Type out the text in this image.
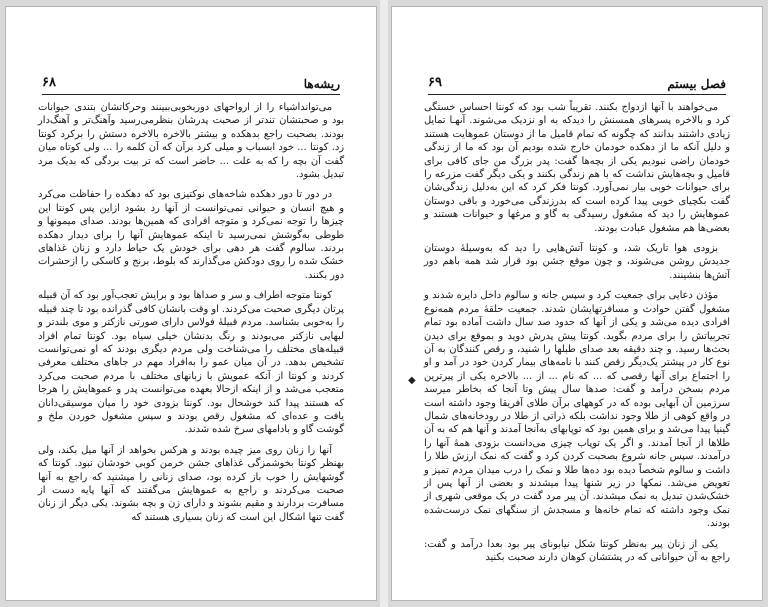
ریشه‌ها
۶۸

می‌توانداشیاء را از ارواحهای دوربخوبی‌ببینند وحرکاتشان بتندی حیوانات بود و صحبتشان تندتر از صحبت پدرشان بنظرمی‌رسید وآهنگ‌تر و آهنگ‌دار بودند. بصحبت راجع بدهکده و بیشتر بالاخره بالاخره دستش را برکرد کونتا زد. کونتا ... خود ابسباب و میلی کرد برآن که آن کلمه را ... ولی کوتاه میان گفت آن بچه را که به علت ... حاضر است که تر بیت بردگی که بدیک مرد تبدیل بشود.

در دور تا دور دهکده شاخه‌های نوکتیزی بود که دهکده را حفاظت می‌کرد و هیچ انسان و حیوانی نمی‌توانست از آنها رد بشود ازاین پس کونتا این چیزها را توجه نمی‌کرد و متوجه افرادی که همین‌ها بودند. صدای میمونها و طوطی به‌گوشش نمی‌رسید تا اینکه عموهایش آنها را برای دیدار دهکده بردند. سالوم گفت هر دهی برای خودش یک حیاط دارد و زنان غذاهای خشک شده را روی دودکش می‌گذارند که بلوط، برنج و کاسکی را از‌حشرات دور بکنند.

کونتا متوجه اطراف و سر و صداها بود و برایش تعجب‌آور بود که آن قبیله پرتان دیگری صحبت می‌کردند. او وقت بانشان کافی گذرانده بود تا چند قبیله را به‌خوبی بشناسد. مردم قبیلهٔ فولاس دارای صورتی نازکتر و موی بلندتر و لبهایی نازکتر می‌بودند و رنگ بدنشان خیلی سیاه بود. کونتا تمام افراد قبیله‌های مختلف را می‌شناخت ولی مردم دیگری بودند که او نمی‌توانست تشخیص بدهد. در آن میان عمو را به‌افراد مهم در جاهای مختلف معرفی کردند و کونتا از آنکه عمویش با زبانهای مختلف با مردم صحبت می‌کرد متعجب می‌شد و از اینکه ازحالا بعهده می‌توانست پدر و عموهایش را هرجا که هستند پیدا کند خوشحال بود. کونتا بزودی خود را میان موسیقی‌دانان یافت و عده‌ای که مشغول رقص بودند و سپس مشغول خوردن ملخ و گوشت گاو و بادامهای سرخ شده شدند.

آنها را زنان روی میز چیده بودند و هرکس بخواهد از آنها میل بکند، ولی بهنظر کونتا بخوشمزگی غذاهای جشن خرمن کوبی خودشان نبود. کونتا که گوشهایش را خوب باز کرده بود، صدای زنانی را میشنید که راجع به آنها صحبت می‌کردند و راجع به عموهایش می‌گفتند که آنها پایه دست از مسافرت بردارند و مقیم بشوند و دارای زن و بچه بشوند. یکی دیگر از زنان گفت تنها اشکال این است که زنان بسیاری هستند که

فصل بیستم
۶۹

می‌خواهند با آنها ازدواج بکنند. تقریباً شب بود که کونتا احساس خستگی کرد و بالاخره پسرهای همسنش را دیدکه به او نزدیک می‌شوند. آنهـا تمایل زیادی داشتند بدانند که چگونه که تمام قامیل ما از دوستان عموهایت هستند و دلیل آنکه ما از دهکده خودمان خارج شده بودیم آن بود که ما از زندگی خودمان راضی نبودیم یکی از بچه‌ها گفت: پدر بزرگ من جای کافی برای قامیل و بچه‌هایش نداشت که با هم زندگی بکنند و یکی دیگر گفت مزرعه را برای حیوانات خوبی بیار نمی‌آورد. کونتا فکر کرد که این به‌دلیل زندگی‌شان گفت بکچیای خوبی پیدا کرده است که بدرزندگی می‌خورد و باقی دوستان عموهایش را دید که مشغول رسیدگی به گاو و مرغها و حیوانات هستند و بعضی‌ها هم مشغول عبادت بودند.

بزودی هوا تاریک شد، و کونتا آتش‌هایی را دید که به‌وسیلهٔ دوستان جدیدش روشن می‌شوند، و چون موقع جشن بود قرار شد همه باهم دور آتش‌ها بنشینند.

مؤذن دعایی برای جمعیت کرد و سپس جانه و سالوم داخل دایره شدند و مشغول گفتن حوادث و مسافرتهایشان شدند. جمعیت حلقهٔ مردم همه‌نوع افرادی دیده می‌شد و یکی از آنها که حدود صد سال داشت آماده بود تمام تجربیاتش را برای مردم بگوید. کونتا پیش پدرش دوید و بموقع برای دیدن بحث‌ها رسید. و چند دقیقه بعد صدای طبلها را شنید، و رقص کنندگان به آن نوع کار در پیشتر یک‌دیگر رقص کنند با نامه‌های بیمار کردن خود در آمد و او را اجتماع برای آنها رقصی که ... که نام ... از ... بالاخره یکی از پیرترین مردم بسخن درآمد و گفت: صدها سال پیش وتا آنجا که بخاطر میرسد سرزمین آن آبهایی بوده که در کوههای برآن طلای آفریقا وجود داشته است در واقع کوهی از طلا وجود نداشت بلکه ذراتی از طلا در رودخانه‌های شمال گینیا پیدا می‌شد و برای همین بود که توپابهای به‌آنجا آمدند و آنها هم که به آن طلاها از آنجا آمدند. و اگر یک توپاب چیزی می‌دانست بزودی همهٔ آنها را درآمدند. سپس جانه شروع بصحبت کردن کرد و گفت که نمک ارزش طلا را داشت و سالوم شخصاً دیده بود ده‌ها طلا و نمک را درب میدان مردم تمیز و تعویض می‌شد. نمکها در زیر شنها پیدا میشدند و بعضی از آنها پس از خشک‌شدن تبدیل به نمک میشدند. آن پیر مرد گفت در یک موقعی شهری از نمک وجود داشته که تمام خانه‌ها و مسجدش از سنگهای نمک درست‌شده بودند.

یکی از زنان پیر به‌نظر کونتا شکل نیابونای پیر بود بعدا درآمد و گفت: راجع به آن حیواناتی که در پشتشان کوهان دارند صحبت بکنید

◆
